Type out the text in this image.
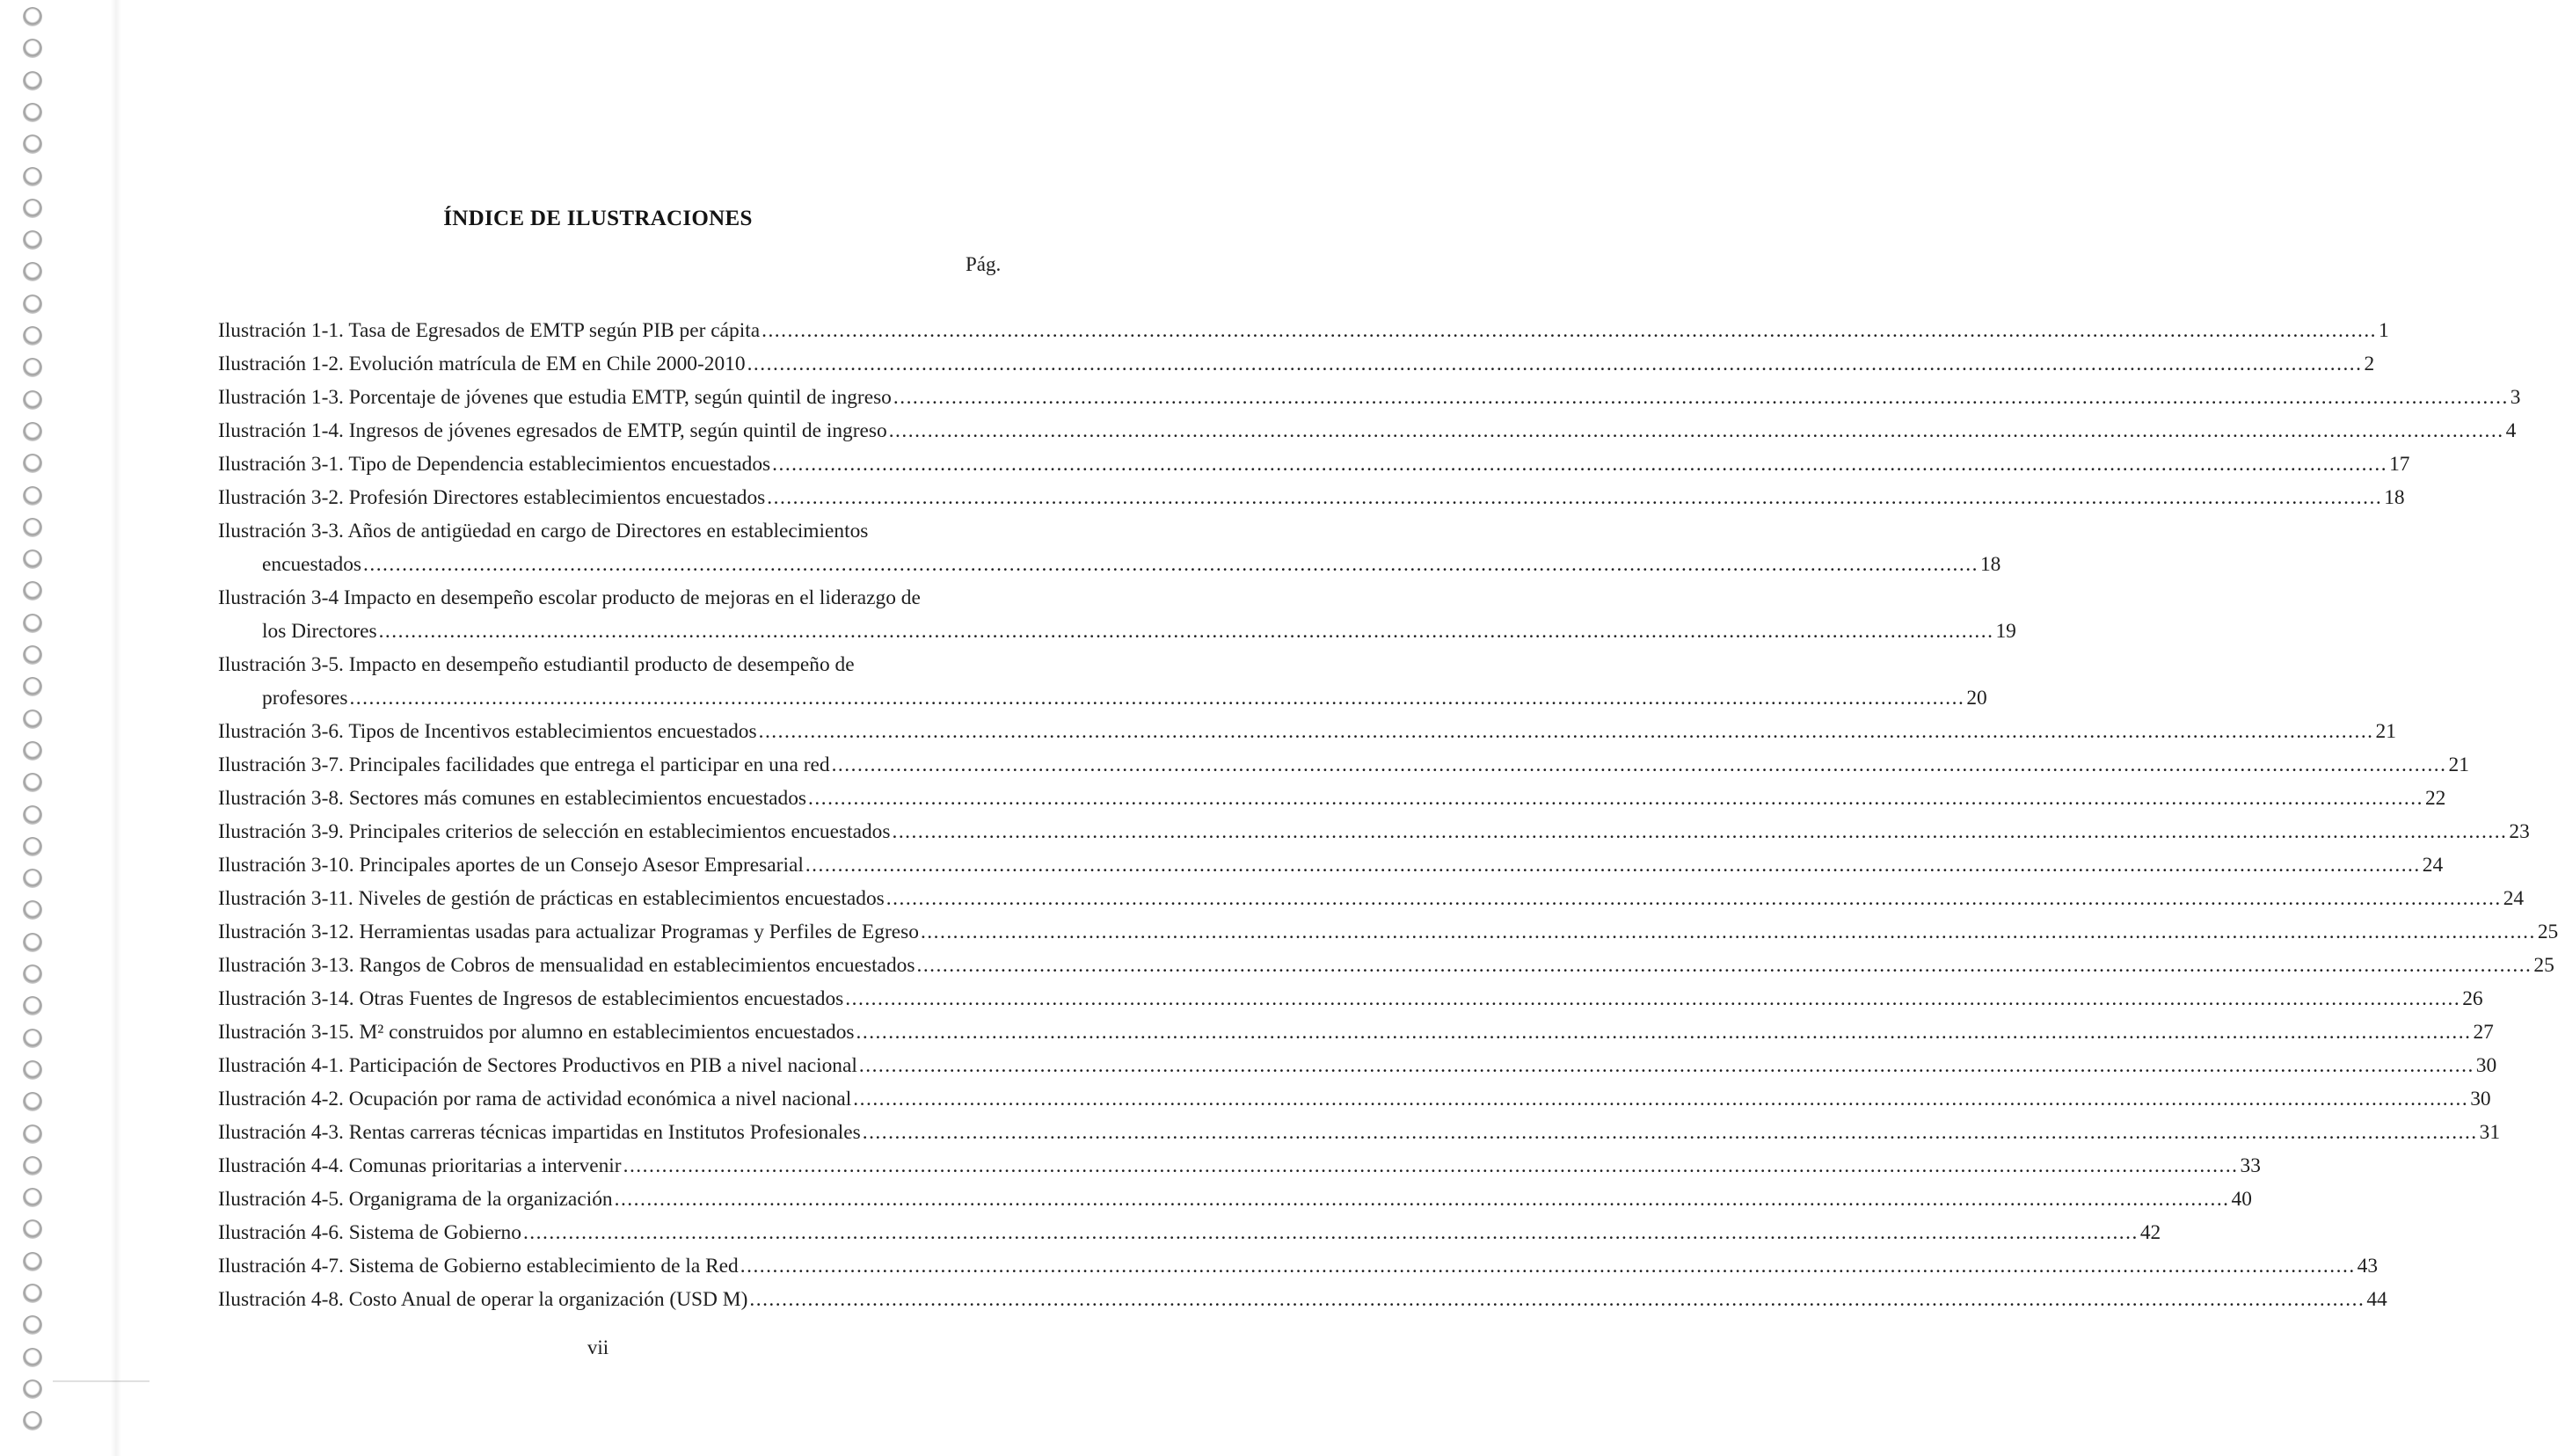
ÍNDICE DE ILUSTRACIONES
Pág.
Ilustración 1-1. Tasa de Egresados de EMTP según PIB per cápita .....	1
Ilustración 1-2. Evolución matrícula de EM en Chile 2000-2010 .....	2
Ilustración 1-3. Porcentaje de jóvenes que estudia EMTP, según quintil de ingreso .....	3
Ilustración 1-4. Ingresos de jóvenes egresados de EMTP, según quintil de ingreso .....	4
Ilustración 3-1. Tipo de Dependencia establecimientos encuestados .....	17
Ilustración 3-2. Profesión Directores establecimientos encuestados .....	18
Ilustración 3-3. Años de antigüedad en cargo de Directores en establecimientos
encuestados .....	18
Ilustración 3-4 Impacto en desempeño escolar producto de mejoras en el liderazgo de
los Directores .....	19
Ilustración 3-5. Impacto en desempeño estudiantil producto de desempeño de
profesores .....	20
Ilustración 3-6. Tipos de Incentivos establecimientos encuestados .....	21
Ilustración 3-7. Principales facilidades que entrega el participar en una red .....	21
Ilustración 3-8. Sectores más comunes en establecimientos encuestados .....	22
Ilustración 3-9. Principales criterios de selección en establecimientos encuestados .....	23
Ilustración 3-10. Principales aportes de un Consejo Asesor Empresarial .....	24
Ilustración 3-11. Niveles de gestión de prácticas en establecimientos encuestados .....	24
Ilustración 3-12. Herramientas usadas para actualizar Programas y Perfiles de Egreso .....	25
Ilustración 3-13. Rangos de Cobros de mensualidad en establecimientos encuestados .....	25
Ilustración 3-14. Otras Fuentes de Ingresos de establecimientos encuestados .....	26
Ilustración 3-15. M² construidos por alumno en establecimientos encuestados .....	27
Ilustración 4-1. Participación de Sectores Productivos en PIB a nivel nacional .....	30
Ilustración 4-2. Ocupación por rama de actividad económica a nivel nacional .....	30
Ilustración 4-3. Rentas carreras técnicas impartidas en Institutos Profesionales .....	31
Ilustración 4-4. Comunas prioritarias a intervenir .....	33
Ilustración 4-5. Organigrama de la organización .....	40
Ilustración 4-6. Sistema de Gobierno .....	42
Ilustración 4-7. Sistema de Gobierno establecimiento de la Red .....	43
Ilustración 4-8. Costo Anual de operar la organización (USD M) .....	44
vii
